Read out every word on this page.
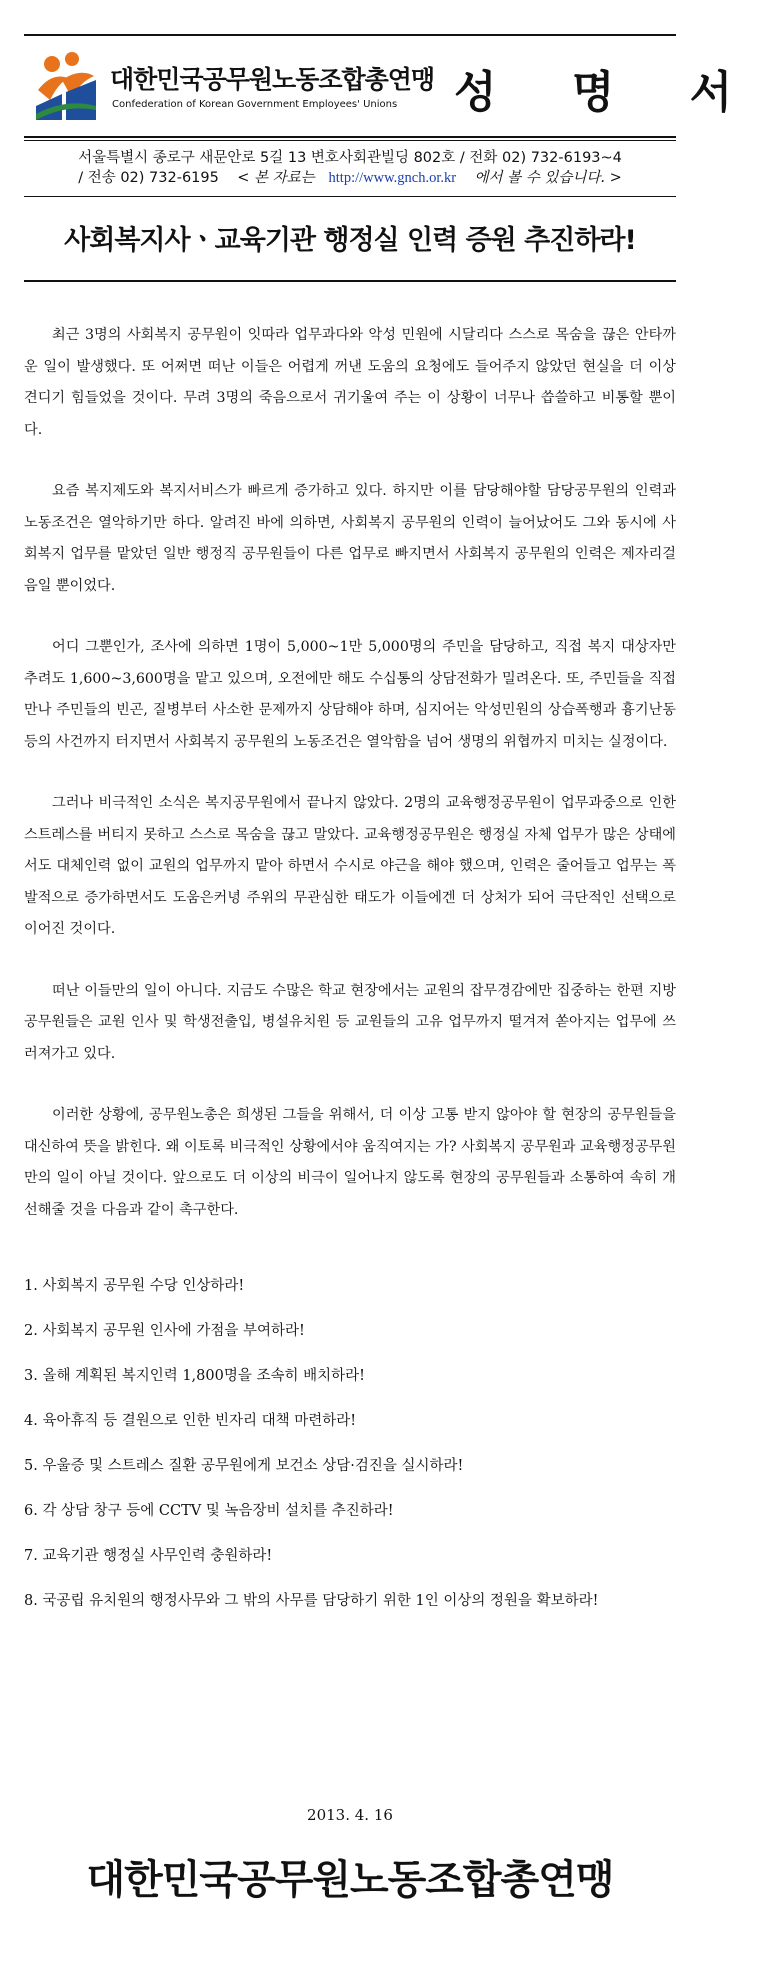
대한민국공무원노동조합총연맹
Confederation of Korean Government Employees' Unions 성 명 서
서울특별시 종로구 새문안로 5길 13 변호사회관빌딩 802호 / 전화 02) 732-6193~4
/ 전송 02) 732-6195 < 본 자료는 http://www.gnch.or.kr 에서 볼 수 있습니다. >
사회복지사ㆍ교육기관 행정실 인력 증원 추진하라!

최근 3명의 사회복지 공무원이 잇따라 업무과다와 악성 민원에 시달리다 스스로 목숨을 끊은 안타까운 일이 발생했다. 또 어쩌면 떠난 이들은 어렵게 꺼낸 도움의 요청에도 들어주지 않았던 현실을 더 이상 견디기 힘들었을 것이다. 무려 3명의 죽음으로서 귀기울여 주는 이 상황이 너무나 씁쓸하고 비통할 뿐이다.

요즘 복지제도와 복지서비스가 빠르게 증가하고 있다. 하지만 이를 담당해야할 담당공무원의 인력과 노동조건은 열악하기만 하다. 알려진 바에 의하면, 사회복지 공무원의 인력이 늘어났어도 그와 동시에 사회복지 업무를 맡았던 일반 행정직 공무원들이 다른 업무로 빠지면서 사회복지 공무원의 인력은 제자리걸음일 뿐이었다.

어디 그뿐인가, 조사에 의하면 1명이 5,000~1만 5,000명의 주민을 담당하고, 직접 복지 대상자만 추려도 1,600~3,600명을 맡고 있으며, 오전에만 해도 수십통의 상담전화가 밀려온다. 또, 주민들을 직접 만나 주민들의 빈곤, 질병부터 사소한 문제까지 상담해야 하며, 심지어는 악성민원의 상습폭행과 흉기난동 등의 사건까지 터지면서 사회복지 공무원의 노동조건은 열악함을 넘어 생명의 위협까지 미치는 실정이다.

그러나 비극적인 소식은 복지공무원에서 끝나지 않았다. 2명의 교육행정공무원이 업무과중으로 인한 스트레스를 버티지 못하고 스스로 목숨을 끊고 말았다. 교육행정공무원은 행정실 자체 업무가 많은 상태에서도 대체인력 없이 교원의 업무까지 맡아 하면서 수시로 야근을 해야 했으며, 인력은 줄어들고 업무는 폭발적으로 증가하면서도 도움은커녕 주위의 무관심한 태도가 이들에겐 더 상처가 되어 극단적인 선택으로 이어진 것이다.

떠난 이들만의 일이 아니다. 지금도 수많은 학교 현장에서는 교원의 잡무경감에만 집중하는 한편 지방공무원들은 교원 인사 및 학생전출입, 병설유치원 등 교원들의 고유 업무까지 떨겨져 쏟아지는 업무에 쓰러져가고 있다.

이러한 상황에, 공무원노총은 희생된 그들을 위해서, 더 이상 고통 받지 않아야 할 현장의 공무원들을 대신하여 뜻을 밝힌다. 왜 이토록 비극적인 상황에서야 움직여지는 가? 사회복지 공무원과 교육행정공무원만의 일이 아닐 것이다. 앞으로도 더 이상의 비극이 일어나지 않도록 현장의 공무원들과 소통하여 속히 개선해줄 것을 다음과 같이 촉구한다.

1. 사회복지 공무원 수당 인상하라!
2. 사회복지 공무원 인사에 가점을 부여하라!
3. 올해 계획된 복지인력 1,800명을 조속히 배치하라!
4. 육아휴직 등 결원으로 인한 빈자리 대책 마련하라!
5. 우울증 및 스트레스 질환 공무원에게 보건소 상담·검진을 실시하라!
6. 각 상담 창구 등에 CCTV 및 녹음장비 설치를 추진하라!
7. 교육기관 행정실 사무인력 충원하라!
8. 국공립 유치원의 행정사무와 그 밖의 사무를 담당하기 위한 1인 이상의 정원을 확보하라!
2013. 4. 16
대한민국공무원노동조합총연맹
